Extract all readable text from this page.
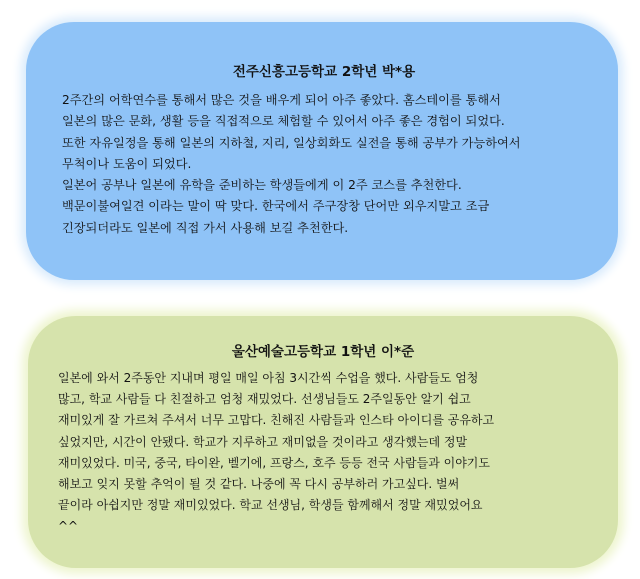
전주신흥고등학교 2학년 박*용

2주간의 어학연수를 통해서 많은 것을 배우게 되어 아주 좋았다. 홈스테이를 통해서
일본의 많은 문화, 생활 등을 직접적으로 체험할 수 있어서 아주 좋은 경험이 되었다.
또한 자유일정을 통해 일본의 지하철, 지리, 일상회화도 실전을 통해 공부가 가능하여서
무척이나 도움이 되었다.
일본어 공부나 일본에 유학을 준비하는 학생들에게 이 2주 코스를 추천한다.
백문이불여일견 이라는 말이 딱 맞다. 한국에서 주구장창 단어만 외우지말고 조금
긴장되더라도 일본에 직접 가서 사용해 보길 추천한다.

울산예술고등학교 1학년 이*준

일본에 와서 2주동안 지내며 평일 매일 아침 3시간씩 수업을 했다. 사람들도 엄청
많고, 학교 사람들 다 친절하고 엄청 재밌었다. 선생님들도 2주일동안 알기 쉽고
재미있게 잘 가르쳐 주셔서 너무 고맙다. 친해진 사람들과 인스타 아이디를 공유하고
싶었지만, 시간이 안됐다. 학교가 지루하고 재미없을 것이라고 생각했는데 정말
재미있었다. 미국, 중국, 타이완, 벨기에, 프랑스, 호주 등등 전국 사람들과 이야기도
해보고 잊지 못할 추억이 될 것 같다. 나중에 꼭 다시 공부하러 가고싶다. 벌써
끝이라 아쉽지만 정말 재미있었다. 학교 선생님, 학생들 함께해서 정말 재밌었어요
^^
